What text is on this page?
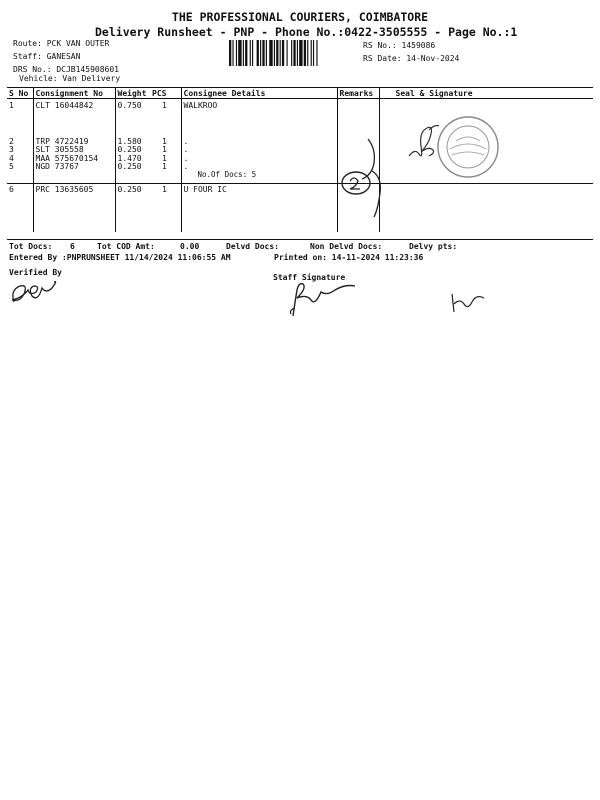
THE PROFESSIONAL COURIERS, COIMBATORE
Delivery Runsheet - PNP - Phone No.:0422-3505555 - Page No.:1
Route: PCK VAN OUTER
Staff: GANESAN
DRS No.: DCJB145908601
Vehicle: Van Delivery
RS No.: 1459086
RS Date: 14-Nov-2024
S No	Consignment No	Weight	PCS	Consignee Details	Remarks	Seal & Signature
1	CLT 16044842	0.750	1	WALKROO		
2	TRP 4722419	1.580	1	.		
3	SLT 305558	0.250	1	.		
4	MAA 575670154	1.470	1	.		
5	NGD 73767	0.250	1	.		
				No.Of Docs: 5		
6	PRC 13635605	0.250	1	U FOUR IC		
Tot Docs: 6	Tot COD Amt:	0.00	Delvd Docs:	Non Delvd Docs:	Delvy pts:
Entered By :PNPRUNSHEET 11/14/2024 11:06:55 AM	Printed on: 14-11-2024 11:23:36
Verified By
Staff Signature
